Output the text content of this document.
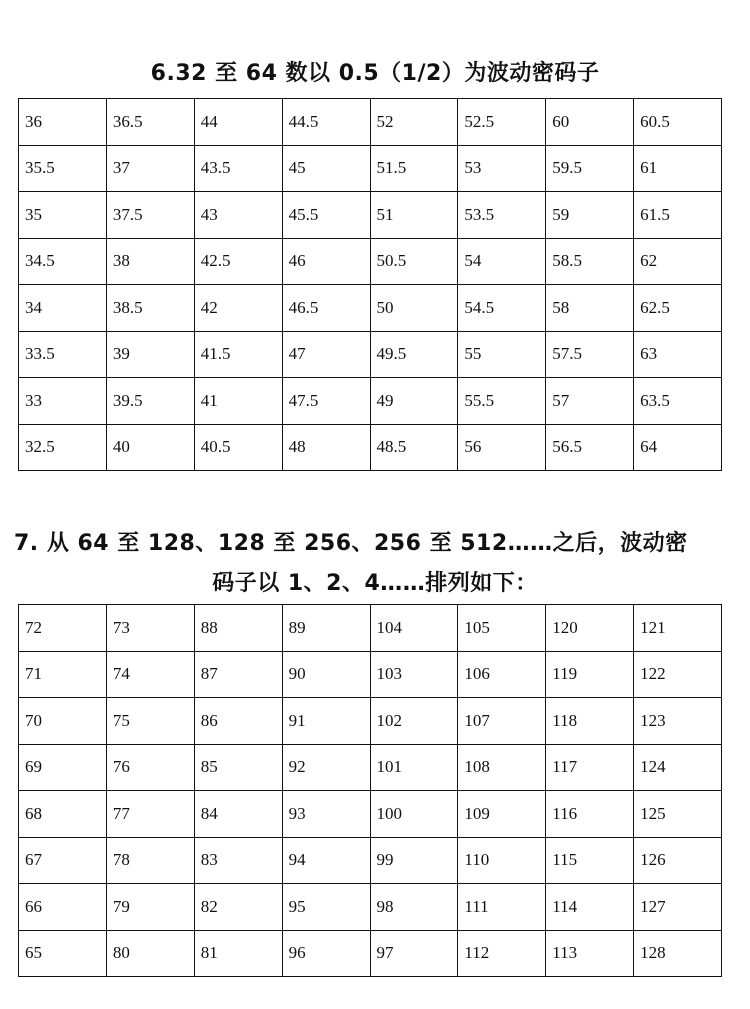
6.32 至 64 数以 0.5（1/2）为波动密码子
36	36.5	44	44.5	52	52.5	60	60.5
35.5	37	43.5	45	51.5	53	59.5	61
35	37.5	43	45.5	51	53.5	59	61.5
34.5	38	42.5	46	50.5	54	58.5	62
34	38.5	42	46.5	50	54.5	58	62.5
33.5	39	41.5	47	49.5	55	57.5	63
33	39.5	41	47.5	49	55.5	57	63.5
32.5	40	40.5	48	48.5	56	56.5	64
7. 从 64 至 128、128 至 256、256 至 512……之后，波动密
码子以 1、2、4……排列如下：
72	73	88	89	104	105	120	121
71	74	87	90	103	106	119	122
70	75	86	91	102	107	118	123
69	76	85	92	101	108	117	124
68	77	84	93	100	109	116	125
67	78	83	94	99	110	115	126
66	79	82	95	98	111	114	127
65	80	81	96	97	112	113	128
